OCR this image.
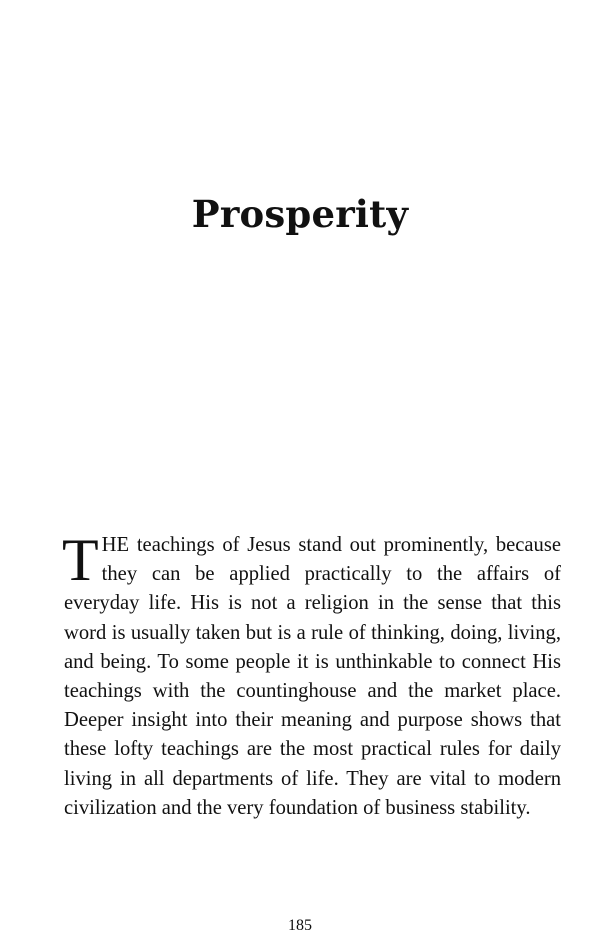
Prosperity

THE teachings of Jesus stand out prominently, because they can be applied practically to the affairs of everyday life. His is not a religion in the sense that this word is usually taken but is a rule of thinking, doing, living, and being. To some people it is unthinkable to connect His teachings with the countinghouse and the market place. Deeper insight into their meaning and purpose shows that these lofty teachings are the most practical rules for daily living in all departments of life. They are vital to modern civilization and the very foundation of business stability.

185
